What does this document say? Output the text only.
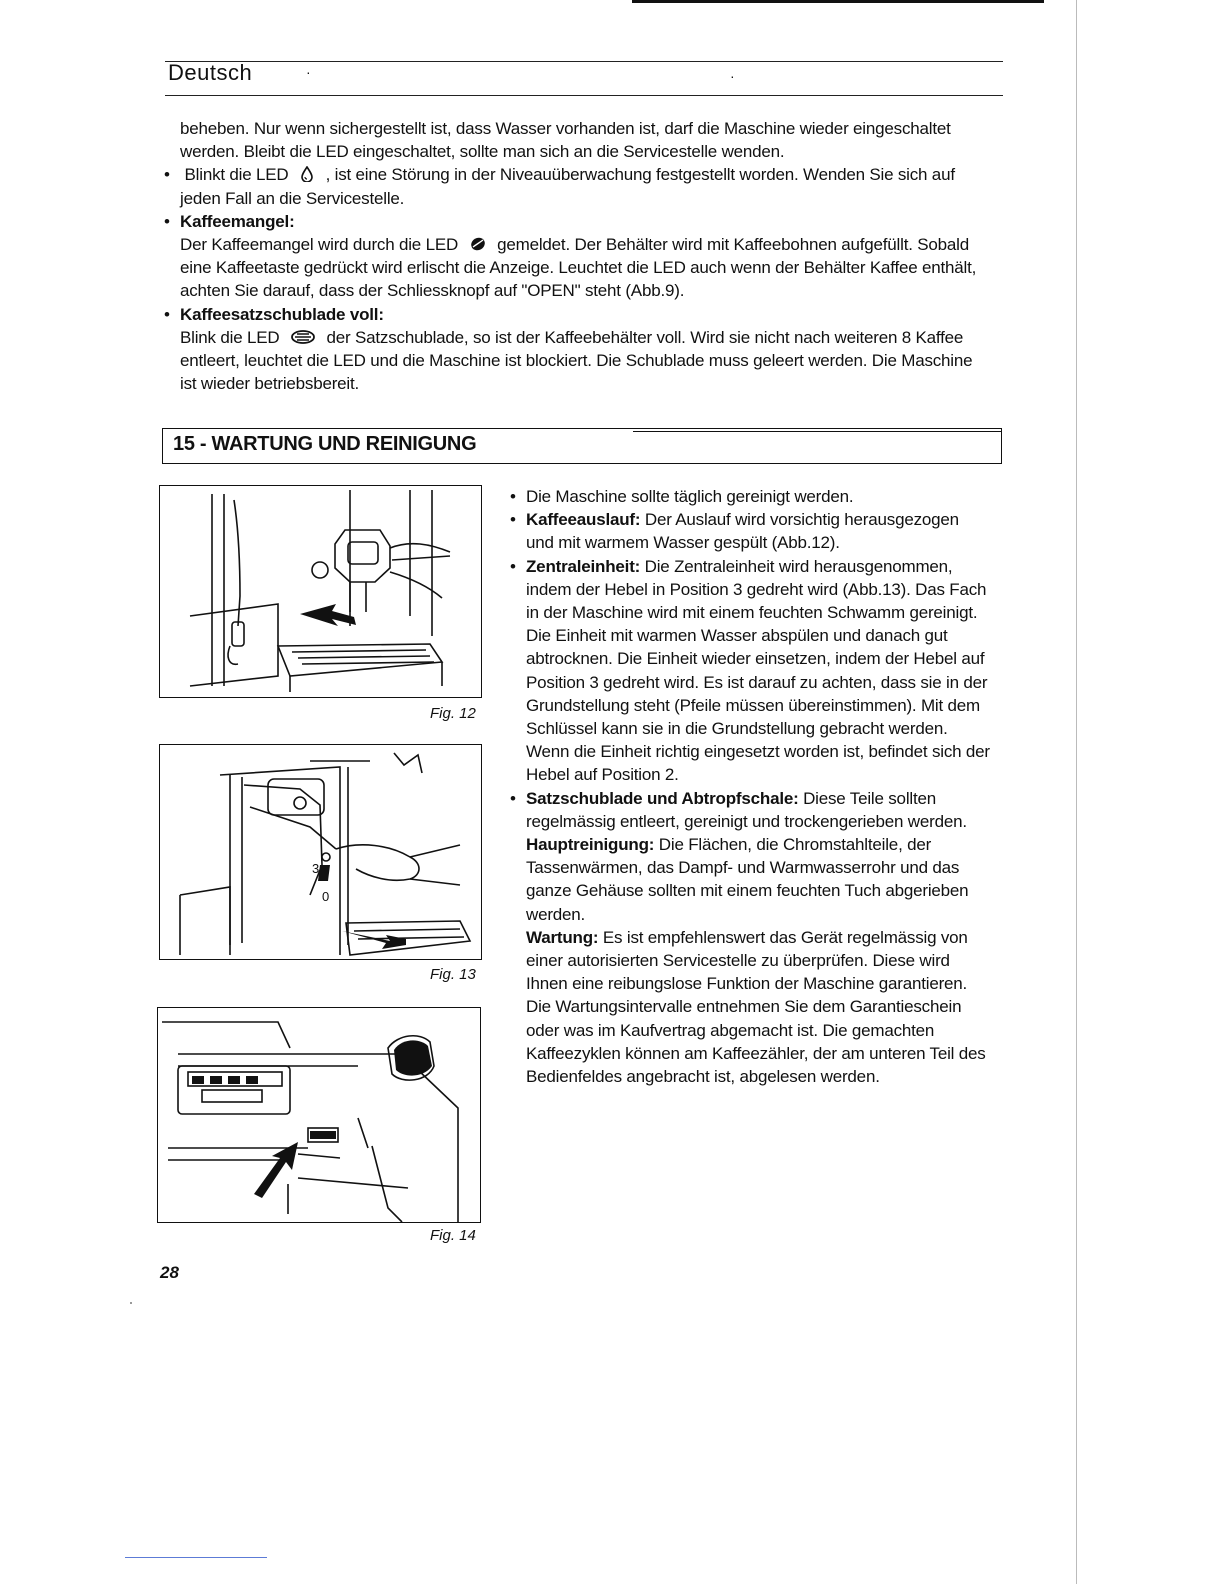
Deutsch	·	·

beheben. Nur wenn sichergestellt ist, dass Wasser vorhanden ist, darf die Maschine wieder eingeschaltet werden. Bleibt die LED eingeschaltet, sollte man sich an die Servicestelle wenden.

• Blinkt die LED , ist eine Störung in der Niveauüberwachung festgestellt worden. Wenden Sie sich auf jeden Fall an die Servicestelle.

• Kaffeemangel:

Der Kaffeemangel wird durch die LED gemeldet. Der Behälter wird mit Kaffeebohnen aufgefüllt. Sobald eine Kaffeetaste gedrückt wird erlischt die Anzeige. Leuchtet die LED auch wenn der Behälter Kaffee enthält, achten Sie darauf, dass der Schliessknopf auf "OPEN" steht (Abb.9).

• Kaffeesatzschublade voll:

Blink die LED	der Satzschublade, so ist der Kaffeebehälter voll. Wird sie nicht nach weiteren 8 Kaffee entleert, leuchtet die LED und die Maschine ist blockiert. Die Schublade muss geleert werden. Die Maschine ist wieder betriebsbereit.

15 - WARTUNG UND REINIGUNG
Fig. 12
3
0
Fig. 13
Fig. 14

• Die Maschine sollte täglich gereinigt werden.

• Kaffeeauslauf: Der Auslauf wird vorsichtig herausgezogen und mit warmem Wasser gespült (Abb.12).

• Zentraleinheit: Die Zentraleinheit wird herausgenommen, indem der Hebel in Position 3 gedreht wird (Abb.13). Das Fach in der Maschine wird mit einem feuchten Schwamm gereinigt. Die Einheit mit warmen Wasser abspülen und danach gut abtrocknen. Die Einheit wieder einsetzen, indem der Hebel auf Position 3 gedreht wird. Es ist darauf zu achten, dass sie in der Grundstellung steht (Pfeile müssen übereinstimmen). Mit dem Schlüssel kann sie in die Grundstellung gebracht werden. Wenn die Einheit richtig eingesetzt worden ist, befindet sich der Hebel auf Position 2.

• Satzschublade und Abtropfschale: Diese Teile sollten regelmässig entleert, gereinigt und trockengerieben werden.

Hauptreinigung: Die Flächen, die Chromstahlteile, der Tassenwärmen, das Dampf- und Warmwasserrohr und das ganze Gehäuse sollten mit einem feuchten Tuch abgerieben werden.

Wartung: Es ist empfehlenswert das Gerät regelmässig von einer autorisierten Servicestelle zu überprüfen. Diese wird Ihnen eine reibungslose Funktion der Maschine garantieren. Die Wartungsintervalle entnehmen Sie dem Garantieschein oder was im Kaufvertrag abgemacht ist. Die gemachten Kaffeezyklen können am Kaffeezähler, der am unteren Teil des Bedienfeldes angebracht ist, abgelesen werden.

28
